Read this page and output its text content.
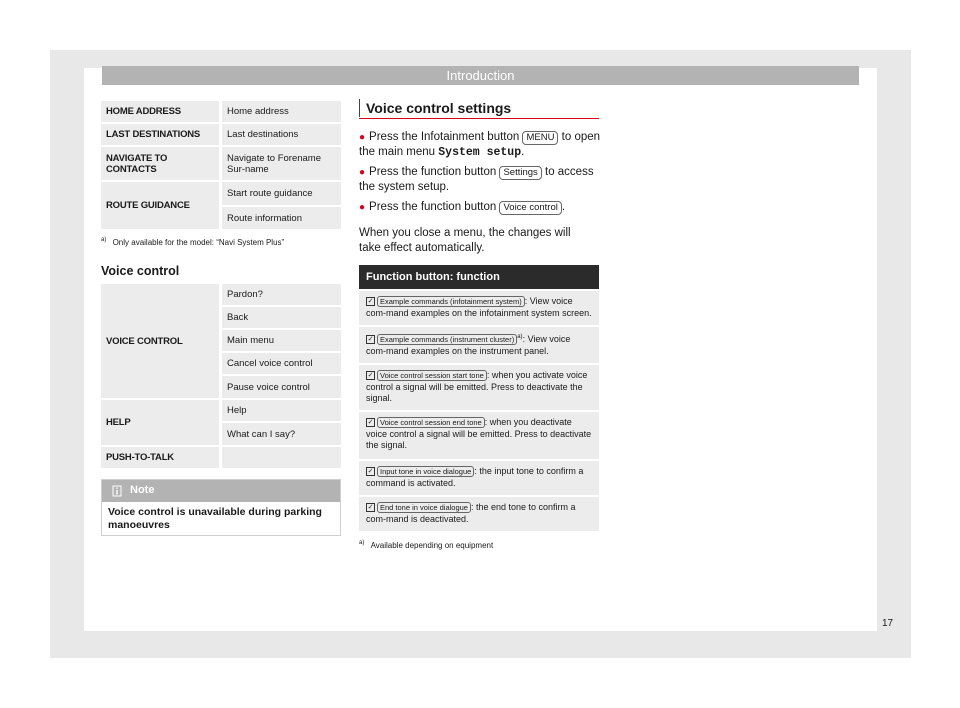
Introduction
HOME ADDRESS	Home address
LAST DESTINATIONS	Last destinations
NAVIGATE TO CONTACTS
Navigate to Forename Sur-name
ROUTE GUIDANCE
Start route guidance
Route information
$^{a)}$ Only available for the model: “Navi System Plus”
Voice control
VOICE CONTROL
Pardon?
Back
Main menu
Cancel voice control
Pause voice control
HELP
Help
What can I say?
PUSH-TO-TALK
Note
Voice control is unavailable during parking manoeuvres
Voice control settings
● Press the Infotainment button MENU to open the main menu System setup.
● Press the function button Settings to access the system setup.
● Press the function button Voice control .
When you close a menu, the changes will take effect automatically.
Function button: function
✓ Example commands (infotainment system) : View voice com-mand examples on the infotainment system screen.
✓ Example commands (instrument cluster) $^{a)}$: View voice com-mand examples on the instrument panel.
✓ Voice control session start tone : when you activate voice control a signal will be emitted. Press to deactivate the signal.
✓ Voice control session end tone : when you deactivate voice control a signal will be emitted. Press to deactivate the signal.
✓ Input tone in voice dialogue : the input tone to confirm a command is activated.
✓ End tone in voice dialogue : the end tone to confirm a com-mand is deactivated.
$^{a)}$ Available depending on equipment
17
